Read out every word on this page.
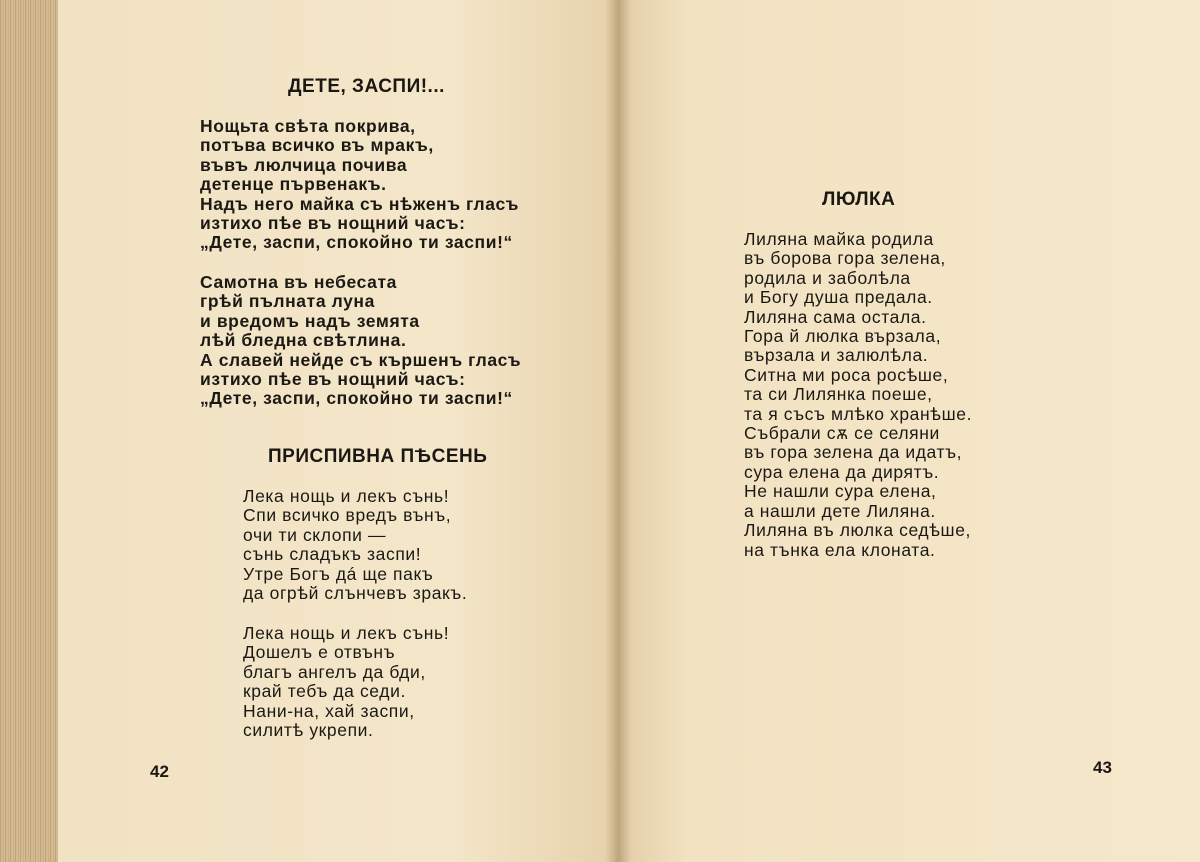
ДЕТЕ, ЗАСПИ!...
Нощьта свѣта покрива,
потъва всичко въ мракъ,
въвъ люлчица почива
детенце първенакъ.
Надъ него майка съ нѣженъ гласъ
изтихо пѣе въ нощний часъ:
„Дете, заспи, спокойно ти заспи!“
Самотна въ небесата
грѣй пълната луна
и вредомъ надъ земята
лѣй бледна свѣтлина.
А славей нейде съ кършенъ гласъ
изтихо пѣе въ нощний часъ:
„Дете, заспи, спокойно ти заспи!“
ПРИСПИВНА ПѢСЕНЬ
Лека нощь и лекъ сънь!
Спи всичко вредъ вънъ,
очи ти склопи —
сънь сладъкъ заспи!
Утре Богъ дá ще пакъ
да огрѣй слънчевъ зракъ.
Лека нощь и лекъ сънь!
Дошелъ е отвънъ
благъ ангелъ да бди,
край тебъ да седи.
Нани-на, хай заспи,
силитѣ укрепи.
42
ЛЮЛКА
Лиляна майка родила
въ борова гора зелена,
родила и заболѣла
и Богу душа предала.
Лиляна сама остала.
Гора й люлка вързала,
вързала и залюлѣла.
Ситна ми роса росѣше,
та си Лилянка поеше,
та я съсъ млѣко хранѣше.
Събрали сѫ се селяни
въ гора зелена да идатъ,
сура елена да дирятъ.
Не нашли сура елена,
а нашли дете Лиляна.
Лиляна въ люлка седѣше,
на тънка ела клоната.
43
